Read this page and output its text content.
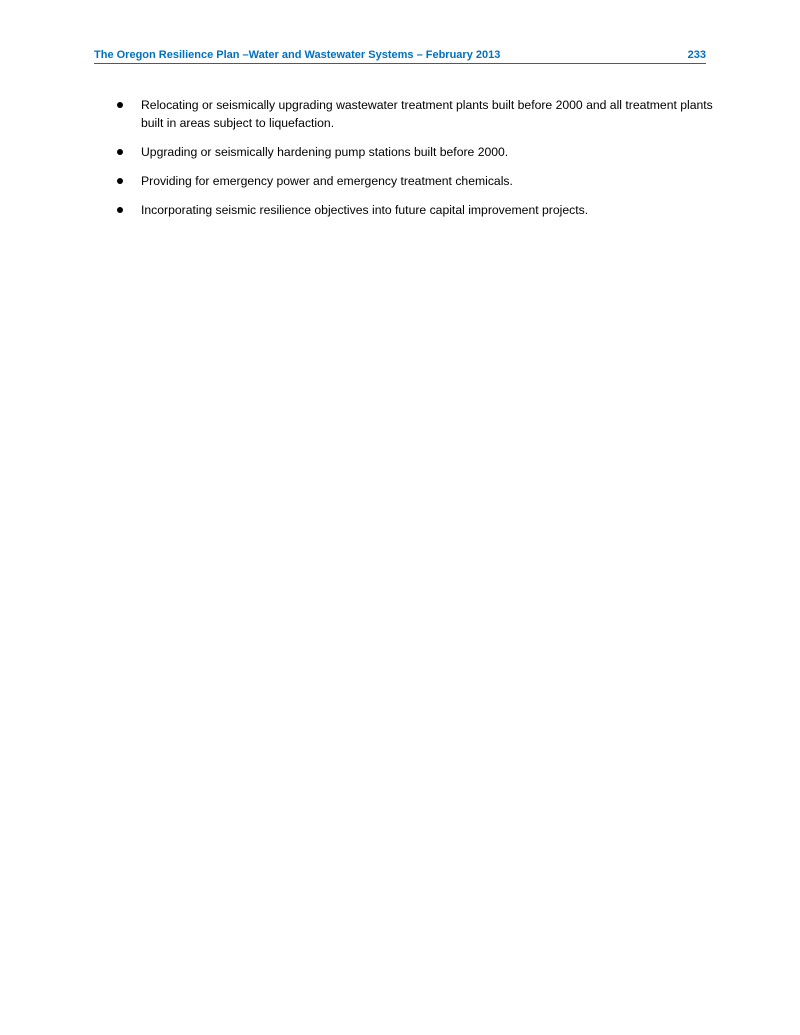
The Oregon Resilience Plan –Water and Wastewater Systems – February 2013	233
Relocating or seismically upgrading wastewater treatment plants built before 2000 and all treatment plants built in areas subject to liquefaction.
Upgrading or seismically hardening pump stations built before 2000.
Providing for emergency power and emergency treatment chemicals.
Incorporating seismic resilience objectives into future capital improvement projects.
